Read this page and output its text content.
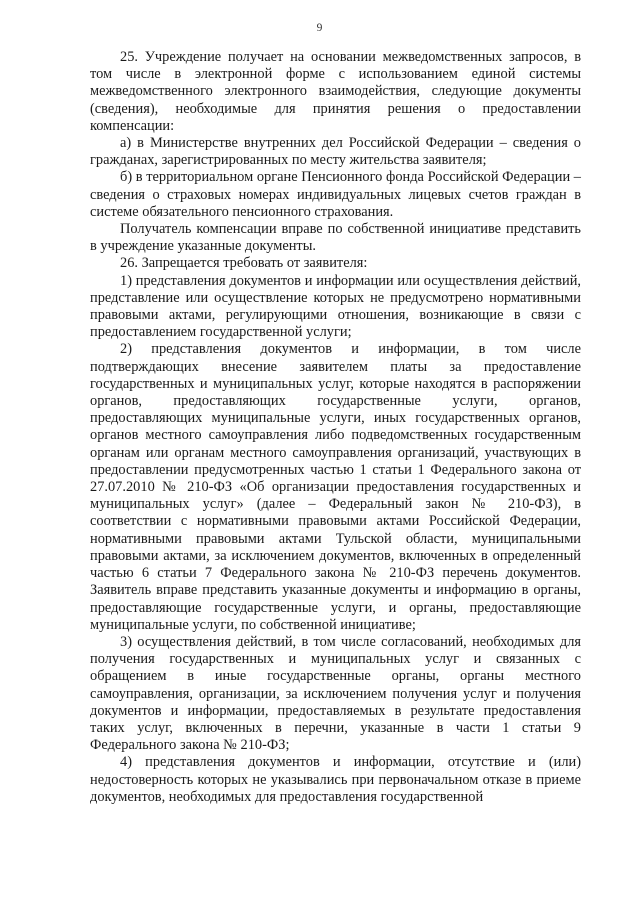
9

25. Учреждение получает на основании межведомственных запросов, в том числе в электронной форме с использованием единой системы межведомственного электронного взаимодействия, следующие документы (сведения), необходимые для принятия решения о предоставлении компенсации:

а) в Министерстве внутренних дел Российской Федерации – сведения о гражданах, зарегистрированных по месту жительства заявителя;

б) в территориальном органе Пенсионного фонда Российской Федерации – сведения о страховых номерах индивидуальных лицевых счетов граждан в системе обязательного пенсионного страхования.

Получатель компенсации вправе по собственной инициативе представить в учреждение указанные документы.

26. Запрещается требовать от заявителя:

1) представления документов и информации или осуществления действий, представление или осуществление которых не предусмотрено нормативными правовыми актами, регулирующими отношения, возникающие в связи с предоставлением государственной услуги;

2) представления документов и информации, в том числе подтверждающих внесение заявителем платы за предоставление государственных и муниципальных услуг, которые находятся в распоряжении органов, предоставляющих государственные услуги, органов, предоставляющих муниципальные услуги, иных государственных органов, органов местного самоуправления либо подведомственных государственным органам или органам местного самоуправления организаций, участвующих в предоставлении предусмотренных частью 1 статьи 1 Федерального закона от 27.07.2010 № 210-ФЗ «Об организации предоставления государственных и муниципальных услуг» (далее – Федеральный закон № 210-ФЗ), в соответствии с нормативными правовыми актами Российской Федерации, нормативными правовыми актами Тульской области, муниципальными правовыми актами, за исключением документов, включенных в определенный частью 6 статьи 7 Федерального закона № 210-ФЗ перечень документов. Заявитель вправе представить указанные документы и информацию в органы, предоставляющие государственные услуги, и органы, предоставляющие муниципальные услуги, по собственной инициативе;

3) осуществления действий, в том числе согласований, необходимых для получения государственных и муниципальных услуг и связанных с обращением в иные государственные органы, органы местного самоуправления, организации, за исключением получения услуг и получения документов и информации, предоставляемых в результате предоставления таких услуг, включенных в перечни, указанные в части 1 статьи 9 Федерального закона № 210-ФЗ;

4) представления документов и информации, отсутствие и (или) недостоверность которых не указывались при первоначальном отказе в приеме документов, необходимых для предоставления государственной
